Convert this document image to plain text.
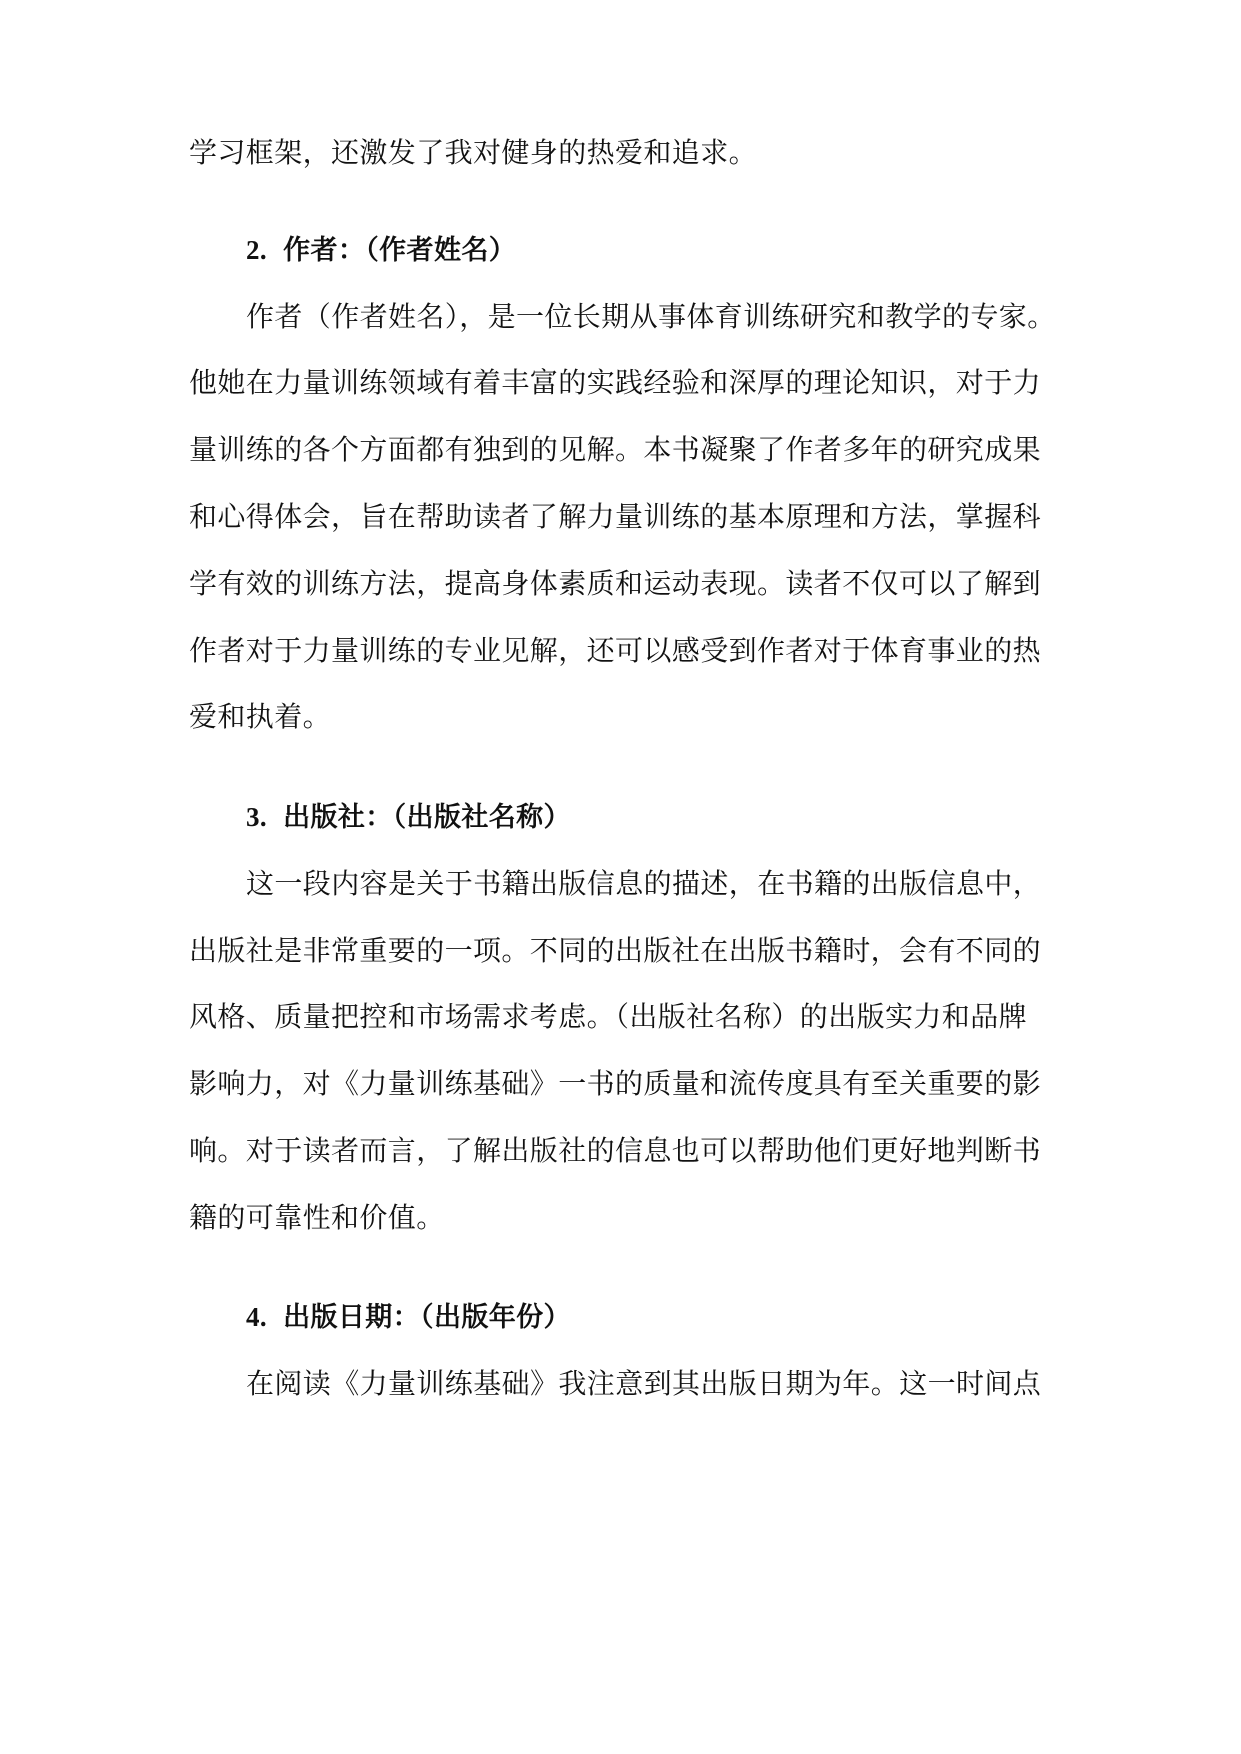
学习框架，还激发了我对健身的热爱和追求。
2. 作者：（作者姓名）
作者（作者姓名），是一位长期从事体育训练研究和教学的专家。
他她在力量训练领域有着丰富的实践经验和深厚的理论知识，对于力
量训练的各个方面都有独到的见解。本书凝聚了作者多年的研究成果
和心得体会，旨在帮助读者了解力量训练的基本原理和方法，掌握科
学有效的训练方法，提高身体素质和运动表现。读者不仅可以了解到
作者对于力量训练的专业见解，还可以感受到作者对于体育事业的热
爱和执着。
3. 出版社：（出版社名称）
这一段内容是关于书籍出版信息的描述，在书籍的出版信息中，
出版社是非常重要的一项。不同的出版社在出版书籍时，会有不同的
风格、质量把控和市场需求考虑。（出版社名称）的出版实力和品牌
影响力，对《力量训练基础》一书的质量和流传度具有至关重要的影
响。对于读者而言，了解出版社的信息也可以帮助他们更好地判断书
籍的可靠性和价值。
4. 出版日期：（出版年份）
在阅读《力量训练基础》我注意到其出版日期为年。这一时间点
